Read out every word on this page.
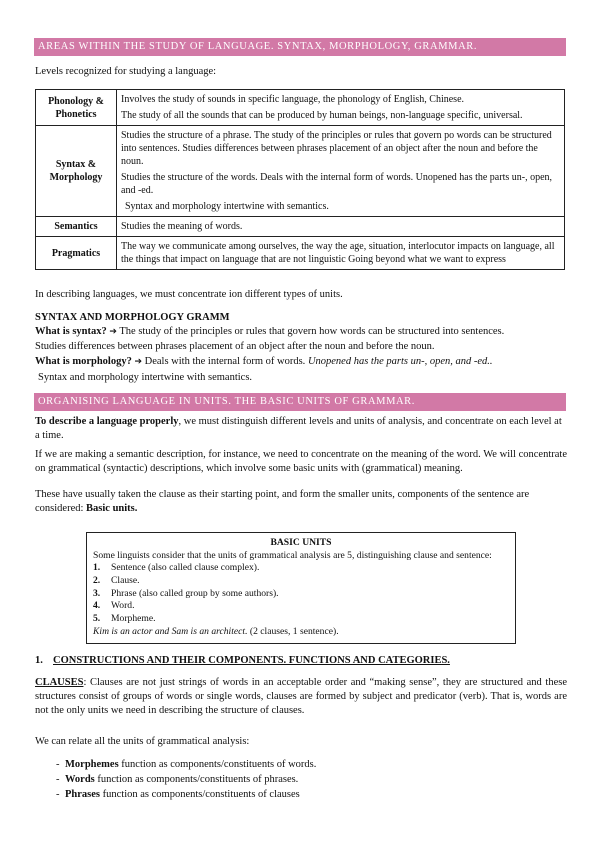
AREAS WITHIN THE STUDY OF LANGUAGE. SYNTAX, MORPHOLOGY, GRAMMAR.
Levels recognized for studying a language:
Phonology & Phonetics	Involves the study of sounds in specific language, the phonology of English, Chinese.

The study of all the sounds that can be produced by human beings, non-language specific, universal.

Syntax & Morphology	Studies the structure of a phrase. The study of the principles or rules that govern po words can be structured into sentences. Studies differences between phrases placement of an object after the noun and before the noun.

Studies the structure of the words. Deals with the internal form of words. Unopened has the parts un-, open, and -ed.

Syntax and morphology intertwine with semantics.

Semantics	Studies the meaning of words.

Pragmatics	The way we communicate among ourselves, the way the age, situation, interlocutor impacts on language, all the things that impact on language that are not linguistic Going beyond what we want to express

In describing languages, we must concentrate ion different types of units.
SYNTAX AND MORPHOLOGY GRAMM
What is syntax? ➔ The study of the principles or rules that govern how words can be structured into sentences.
Studies differences between phrases placement of an object after the noun and before the noun.
What is morphology? ➔ Deals with the internal form of words. Unopened has the parts un-, open, and -ed..
Syntax and morphology intertwine with semantics.
ORGANISING LANGUAGE IN UNITS. THE BASIC UNITS OF GRAMMAR.
To describe a language properly, we must distinguish different levels and units of analysis, and concentrate on each level at a time.
If we are making a semantic description, for instance, we need to concentrate on the meaning of the word. We will concentrate on grammatical (syntactic) descriptions, which involve some basic units with (grammatical) meaning.
These have usually taken the clause as their starting point, and form the smaller units, components of the sentence are considered: Basic units.
BASIC UNITS
Some linguists consider that the units of grammatical analysis are 5, distinguishing clause and sentence:
1.	Sentence (also called clause complex).
2.	Clause.
3.	Phrase (also called group by some authors).
4.	Word.
5.	Morpheme.
Kim is an actor and Sam is an architect. (2 clauses, 1 sentence).
1. CONSTRUCTIONS AND THEIR COMPONENTS. FUNCTIONS AND CATEGORIES.
CLAUSES: Clauses are not just strings of words in an acceptable order and “making sense”, they are structured and these structures consist of groups of words or single words, clauses are formed by subject and predicator (verb). That is, words are not the only units we need in describing the structure of clauses.
We can relate all the units of grammatical analysis:
- Morphemes function as components/constituents of words.
- Words function as components/constituents of phrases.
- Phrases function as components/constituents of clauses
